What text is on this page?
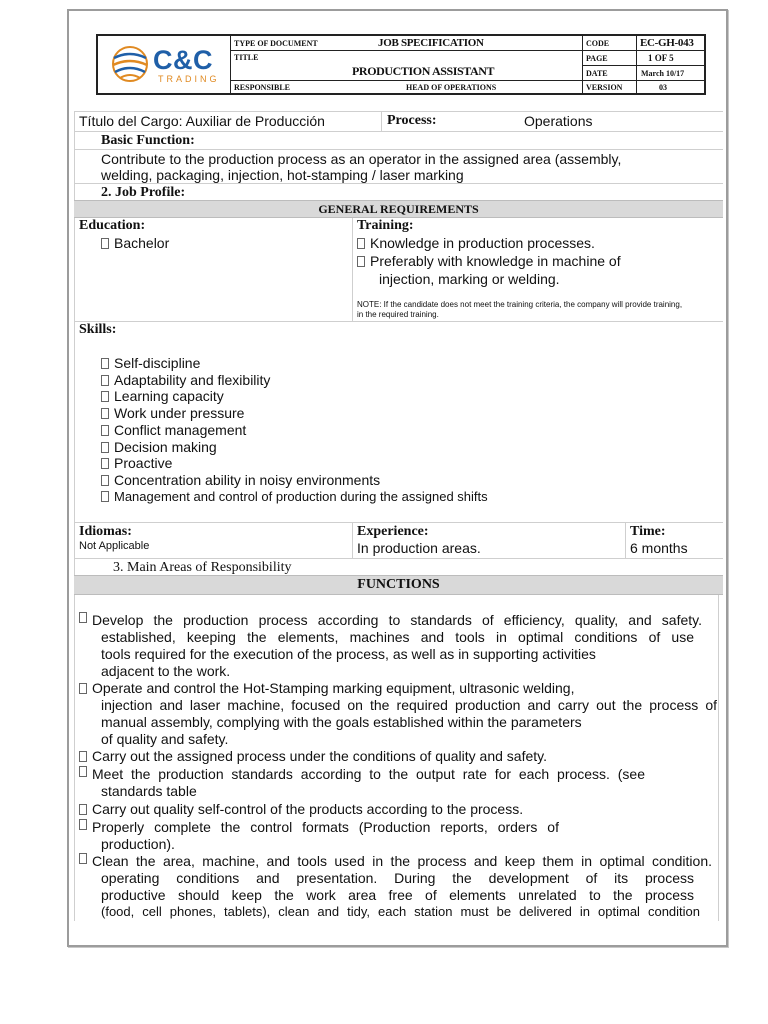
C&C
TRADING
TYPE OF DOCUMENT	JOB SPECIFICATION	CODE	EC-GH-043
TITLE
PRODUCTION ASSISTANT
PAGE	1 OF 5
DATE	March 10/17
RESPONSIBLE	HEAD OF OPERATIONS	VERSION	03
Título del Cargo: Auxiliar de Producción	Process:	Operations
Basic Function:
Contribute to the production process as an operator in the assigned area (assembly,
welding, packaging, injection, hot-stamping / laser marking
2. Job Profile:
GENERAL REQUIREMENTS
Education:
Bachelor
Training:
Knowledge in production processes.
Preferably with knowledge in machine of
injection, marking or welding.
NOTE: If the candidate does not meet the training criteria, the company will provide training,
in the required training.
Skills:
Self-discipline
Adaptability and flexibility
Learning capacity
Work under pressure
Conflict management
Decision making
Proactive
Concentration ability in noisy environments
Management and control of production during the assigned shifts
Idiomas:
Not Applicable
Experience:
In production areas.
Time:
6 months
3. Main Areas of Responsibility
FUNCTIONS
Develop the production process according to standards of efficiency, quality, and safety.
established, keeping the elements, machines and tools in optimal conditions of use
tools required for the execution of the process, as well as in supporting activities
adjacent to the work.
Operate and control the Hot-Stamping marking equipment, ultrasonic welding,
injection and laser machine, focused on the required production and carry out the process of
manual assembly, complying with the goals established within the parameters
of quality and safety.
Carry out the assigned process under the conditions of quality and safety.
Meet the production standards according to the output rate for each process. (see
standards table
Carry out quality self-control of the products according to the process.
Properly complete the control formats (Production reports, orders of
production).
Clean the area, machine, and tools used in the process and keep them in optimal condition.
operating conditions and presentation. During the development of its process
productive should keep the work area free of elements unrelated to the process
(food, cell phones, tablets), clean and tidy, each station must be delivered in optimal condition
